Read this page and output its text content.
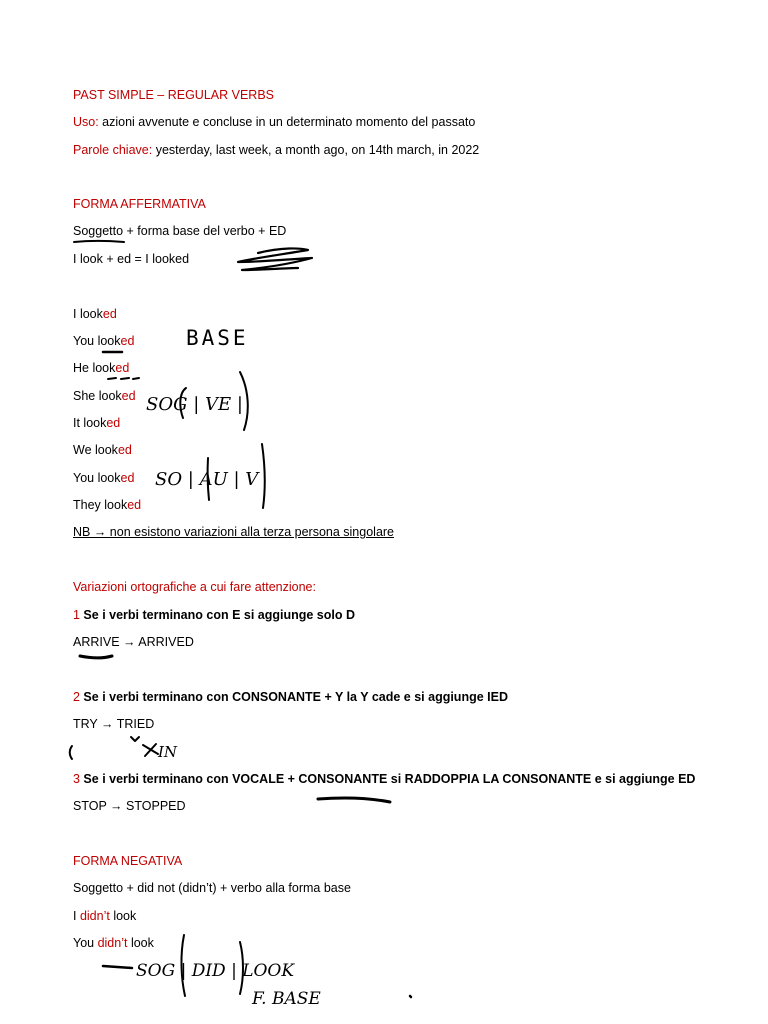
PAST SIMPLE – REGULAR VERBS
Uso: azioni avvenute e concluse in un determinato momento del passato
Parole chiave: yesterday, last week, a month ago, on 14th march, in 2022
FORMA AFFERMATIVA
Soggetto + forma base del verbo + ED
I look + ed = I looked
I looked
You looked
He looked
She looked
It looked
We looked
You looked
They looked
NB → non esistono variazioni alla terza persona singolare
Variazioni ortografiche a cui fare attenzione:
1 Se i verbi terminano con E si aggiunge solo D
ARRIVE → ARRIVED
2 Se i verbi terminano con CONSONANTE + Y la Y cade e si aggiunge IED
TRY → TRIED
3 Se i verbi terminano con VOCALE + CONSONANTE si RADDOPPIA LA CONSONANTE e si aggiunge ED
STOP → STOPPED
FORMA NEGATIVA
Soggetto + did not (didn’t) + verbo alla forma base
I didn’t look
You didn’t look
BASE
SOG | VE |
SO | AU | V
IN
SOG | DID | LOOK
F. BASE
